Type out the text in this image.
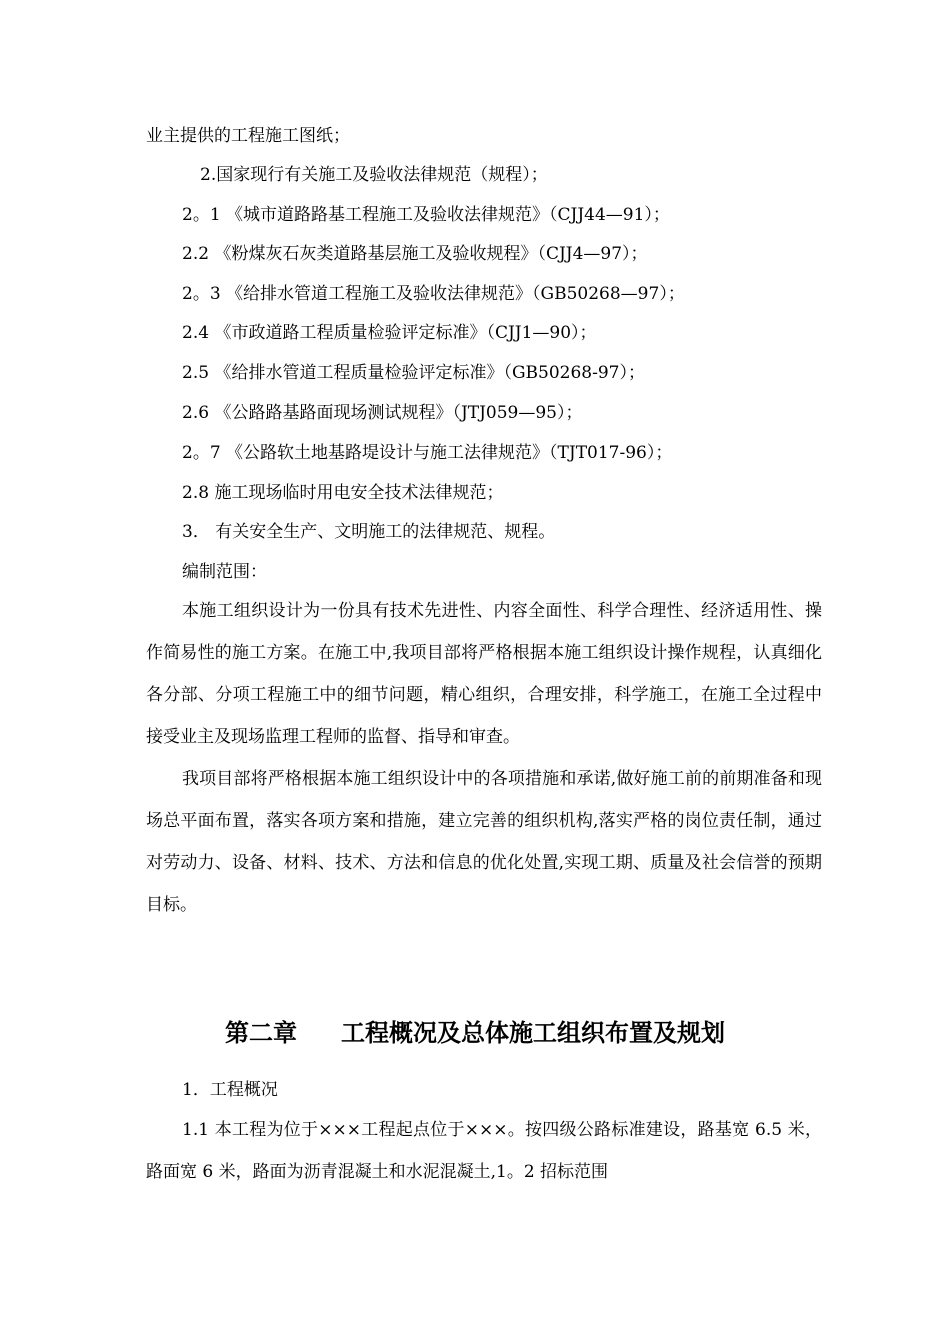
业主提供的工程施工图纸；
2.国家现行有关施工及验收法律规范（规程）；
2。1 《城市道路路基工程施工及验收法律规范》（CJJ44—91）；
2.2 《粉煤灰石灰类道路基层施工及验收规程》（CJJ4—97）；
2。3 《给排水管道工程施工及验收法律规范》（GB50268—97）；
2.4 《市政道路工程质量检验评定标准》（CJJ1—90）；
2.5 《给排水管道工程质量检验评定标准》（GB50268-97）；
2.6 《公路路基路面现场测试规程》（JTJ059—95）；
2。7 《公路软土地基路堤设计与施工法律规范》（TJT017-96）；
2.8 施工现场临时用电安全技术法律规范；
3． 有关安全生产、文明施工的法律规范、规程。
编制范围：

本施工组织设计为一份具有技术先进性、内容全面性、科学合理性、经济适用性、操作简易性的施工方案。在施工中,我项目部将严格根据本施工组织设计操作规程，认真细化各分部、分项工程施工中的细节问题，精心组织，合理安排，科学施工，在施工全过程中接受业主及现场监理工程师的监督、指导和审查。

我项目部将严格根据本施工组织设计中的各项措施和承诺,做好施工前的前期准备和现场总平面布置，落实各项方案和措施，建立完善的组织机构,落实严格的岗位责任制，通过对劳动力、设备、材料、技术、方法和信息的优化处置,实现工期、质量及社会信誉的预期目标。

第二章 工程概况及总体施工组织布置及规划
1．工程概况

1.1 本工程为位于×××工程起点位于×××。按四级公路标准建设，路基宽 6.5 米，路面宽 6 米，路面为沥青混凝土和水泥混凝土,1。2 招标范围
